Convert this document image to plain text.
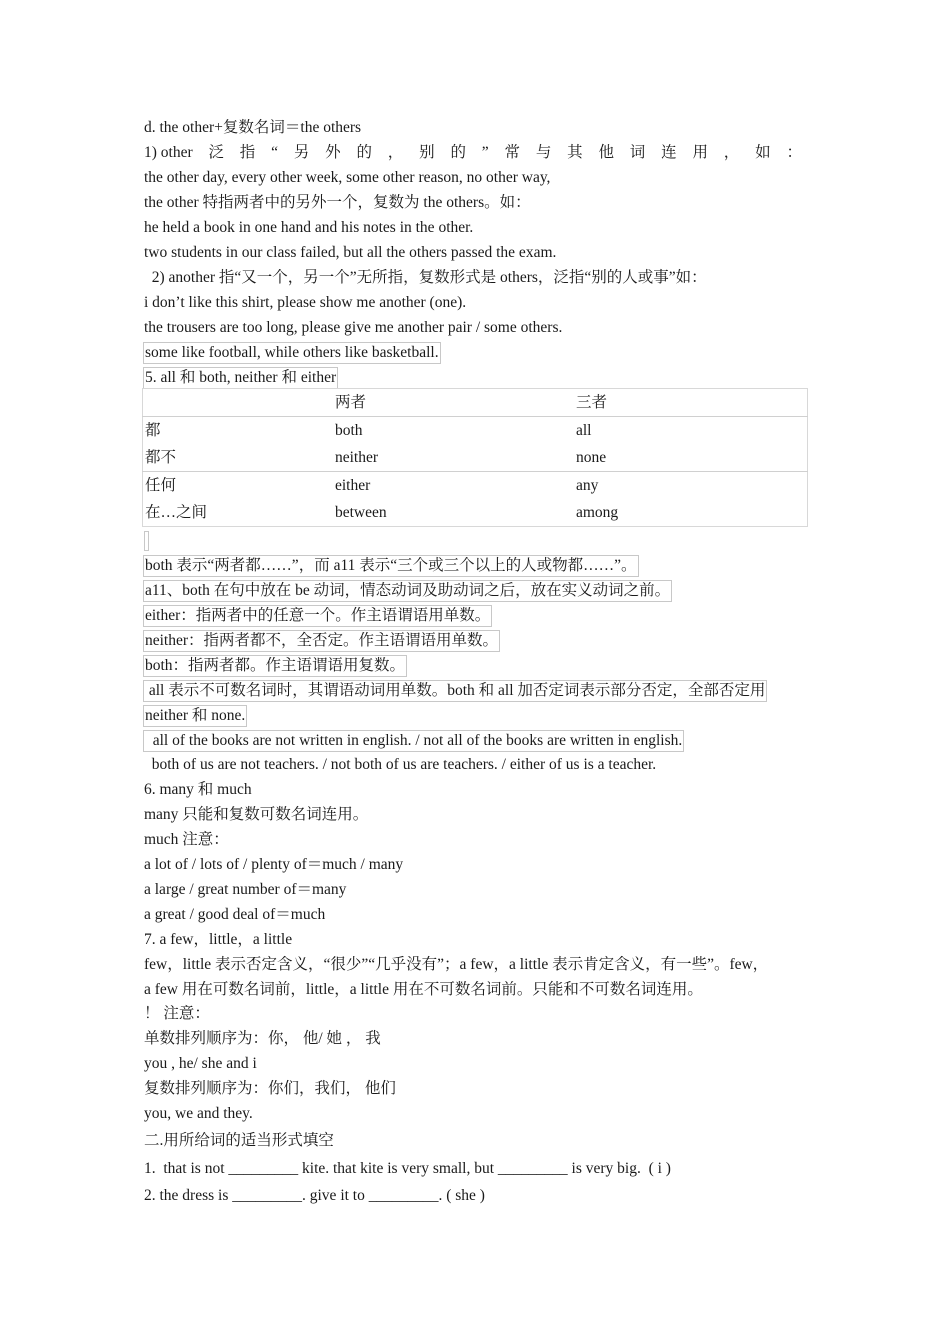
d. the other+复数名词＝the others
1) other 泛 指 “ 另 外 的 ， 别 的 ” 常 与 其 他 词 连 用 ， 如 ：
the other day, every other week, some other reason, no other way,
the other 特指两者中的另外一个，复数为 the others。如：
he held a book in one hand and his notes in the other.
two students in our class failed, but all the others passed the exam.
2) another 指“又一个，另一个”无所指，复数形式是 others，泛指“别的人或事”如：
i don’t like this shirt, please show me another (one).
the trousers are too long, please give me another pair / some others.
some like football, while others like basketball.
5. all 和 both, neither 和 either
	两者	三者
都	both	all
都不	neither	none
任何	either	any
在…之间	between	among
both 表示“两者都……”，而 a11 表示“三个或三个以上的人或物都……”。
a11、both 在句中放在 be 动词，情态动词及助动词之后，放在实义动词之前。
either：指两者中的任意一个。作主语谓语用单数。
neither：指两者都不，全否定。作主语谓语用单数。
both：指两者都。作主语谓语用复数。
all 表示不可数名词时，其谓语动词用单数。both 和 all 加否定词表示部分否定，全部否定用
neither 和 none.
all of the books are not written in english. / not all of the books are written in english.
both of us are not teachers. / not both of us are teachers. / either of us is a teacher.
6. many 和 much
many 只能和复数可数名词连用。
much 注意：
a lot of / lots of / plenty of＝much / many
a large / great number of＝many
a great / good deal of＝much
7. a few，little，a little
few，little 表示否定含义，“很少”“几乎没有”；a few，a little 表示肯定含义，有一些”。few，
a few 用在可数名词前，little，a little 用在不可数名词前。只能和不可数名词连用。
！ 注意：
单数排列顺序为：你， 他/ 她 ， 我
you , he/ she and i
复数排列顺序为：你们，我们， 他们
you, we and they.
二.用所给词的适当形式填空
1.  that is not _________ kite. that kite is very small, but _________ is very big.  ( i )
2. the dress is _________. give it to _________. ( she )
